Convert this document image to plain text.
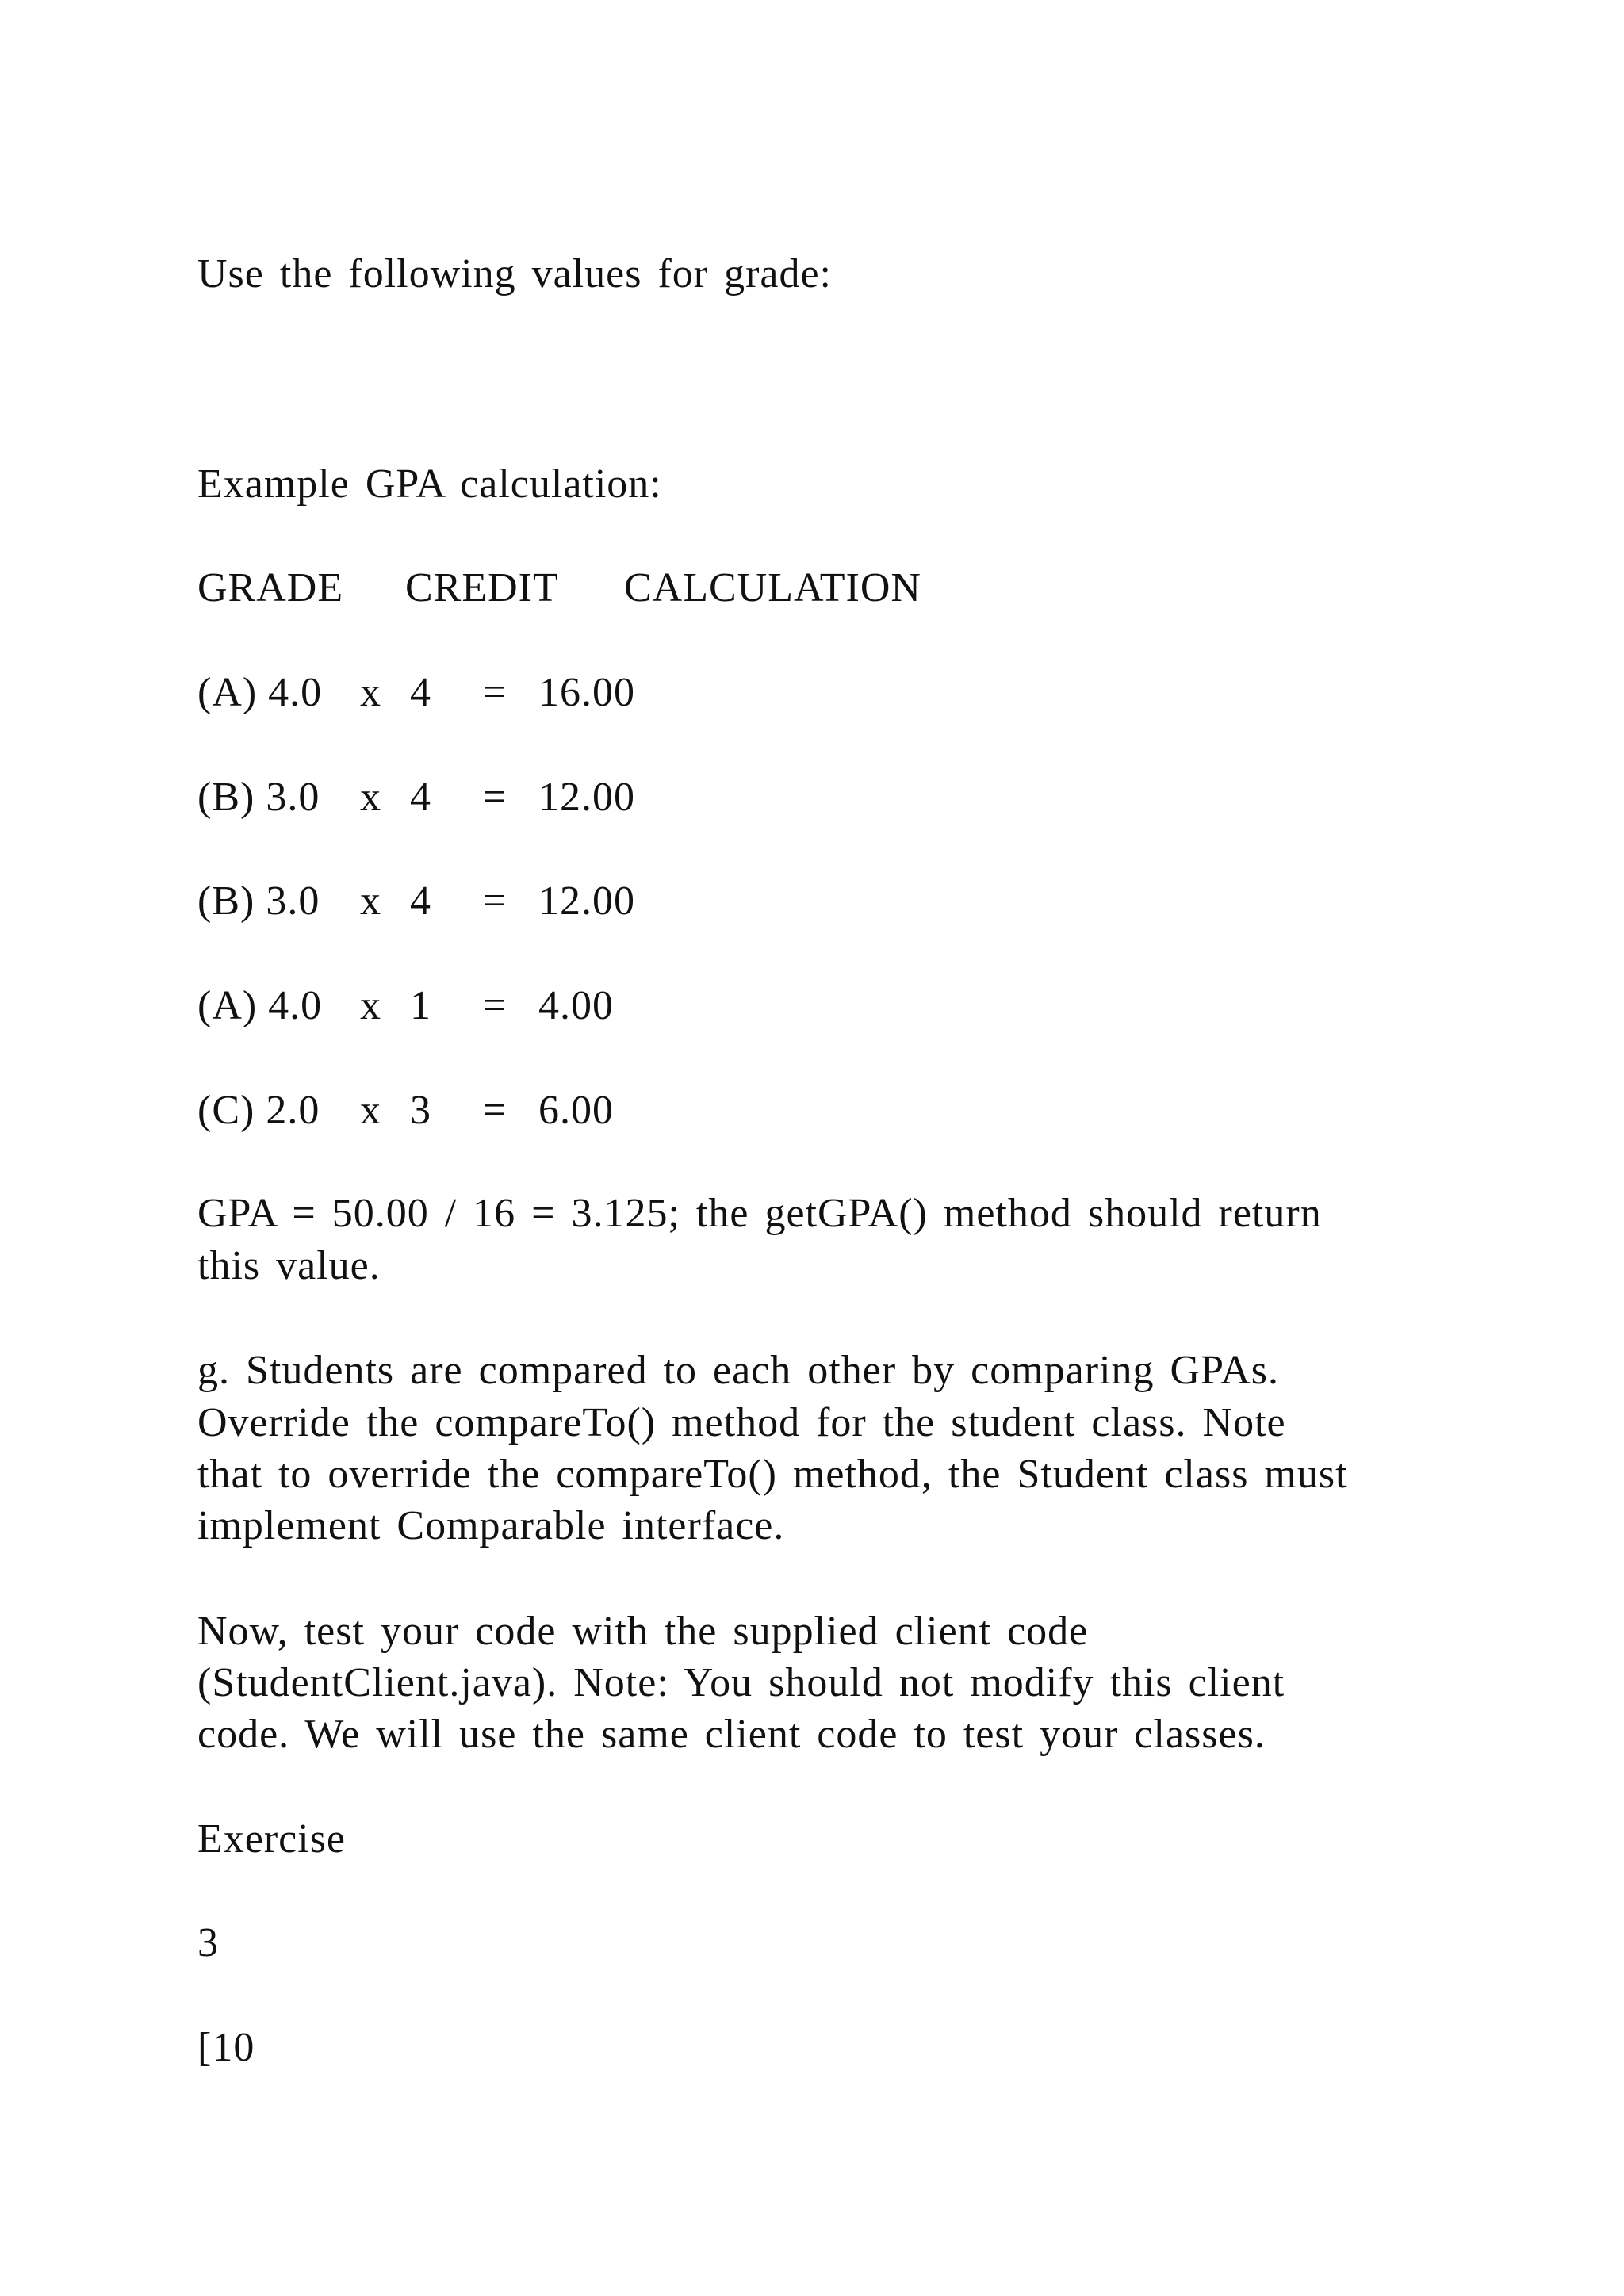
Use the following values for grade:
Example GPA calculation:

GRADE

CREDIT

CALCULATION

(A) 4.0

x

4

=

16.00

(B) 3.0

x

4

=

12.00

(B) 3.0

x

4

=

12.00

(A) 4.0

x

1

=

4.00

(C) 2.0

x

3

=

6.00

GPA = 50.00 / 16 = 3.125; the getGPA() method should return
this value.
g. Students are compared to each other by comparing GPAs.
Override the compareTo() method for the student class. Note
that to override the compareTo() method, the Student class must
implement Comparable interface.
Now, test your code with the supplied client code
(StudentClient.java). Note: You should not modify this client
code. We will use the same client code to test your classes.
Exercise
3
[10
